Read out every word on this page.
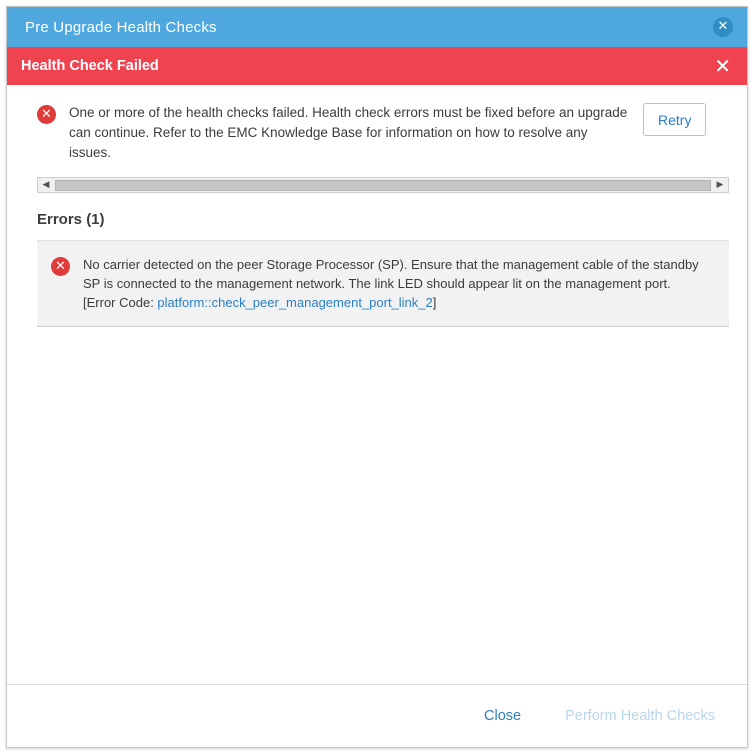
Pre Upgrade Health Checks	✕
Health Check Failed	✕
✕ One or more of the health checks failed. Health check errors must be fixed before an upgrade can continue. Refer to the EMC Knowledge Base for information on how to resolve any issues.
Retry
◀	▶
Errors (1)
✕	No carrier detected on the peer Storage Processor (SP). Ensure that the management cable of the standby SP is connected to the management network. The link LED should appear lit on the management port.
[Error Code: platform::check_peer_management_port_link_2]
Close	Perform Health Checks
